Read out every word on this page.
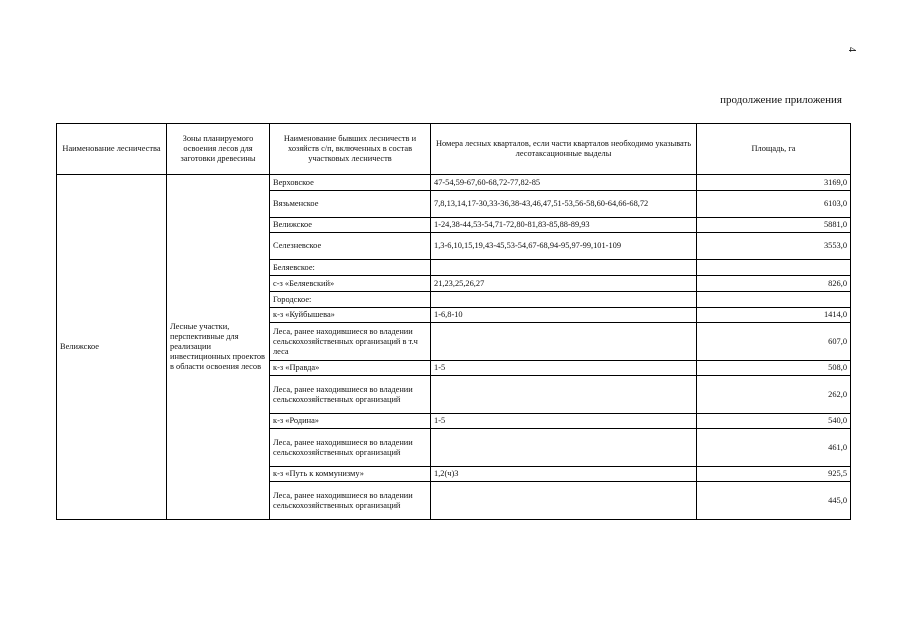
4
продолжение приложения
Наименование лесничества	Зоны планируемого освоения лесов для заготовки древесины	Наименование бывших лесничеств и хозяйств с/п, включенных в состав участковых лесничеств	Номера лесных кварталов, если части кварталов необходимо указывать лесотаксационные выделы	Площадь, га
Велижское	Лесные участки, перспективные для реализации инвестиционных проектов в области освоения лесов	Верховское	47-54,59-67,60-68,72-77,82-85	3169,0
		Вязьменское	7,8,13,14,17-30,33-36,38-43,46,47,51-53,56-58,60-64,66-68,72	6103,0
		Велижское	1-24,38-44,53-54,71-72,80-81,83-85,88-89,93	5881,0
		Селезневское	1,3-6,10,15,19,43-45,53-54,67-68,94-95,97-99,101-109	3553,0
		Беляевское:		
		с-з «Беляевский»	21,23,25,26,27	826,0
		Городское:		
		к-з «Куйбышева»	1-6,8-10	1414,0
		Леса, ранее находившиеся во владении сельскохозяйственных организаций в т.ч леса		607,0
		к-з «Правда»	1-5	508,0
		Леса, ранее находившиеся во владении сельскохозяйственных организаций		262,0
		к-з «Родина»	1-5	540,0
		Леса, ранее находившиеся во владении сельскохозяйственных организаций		461,0
		к-з «Путь к коммунизму»	1,2(ч)3	925,5
		Леса, ранее находившиеся во владении сельскохозяйственных организаций		445,0
